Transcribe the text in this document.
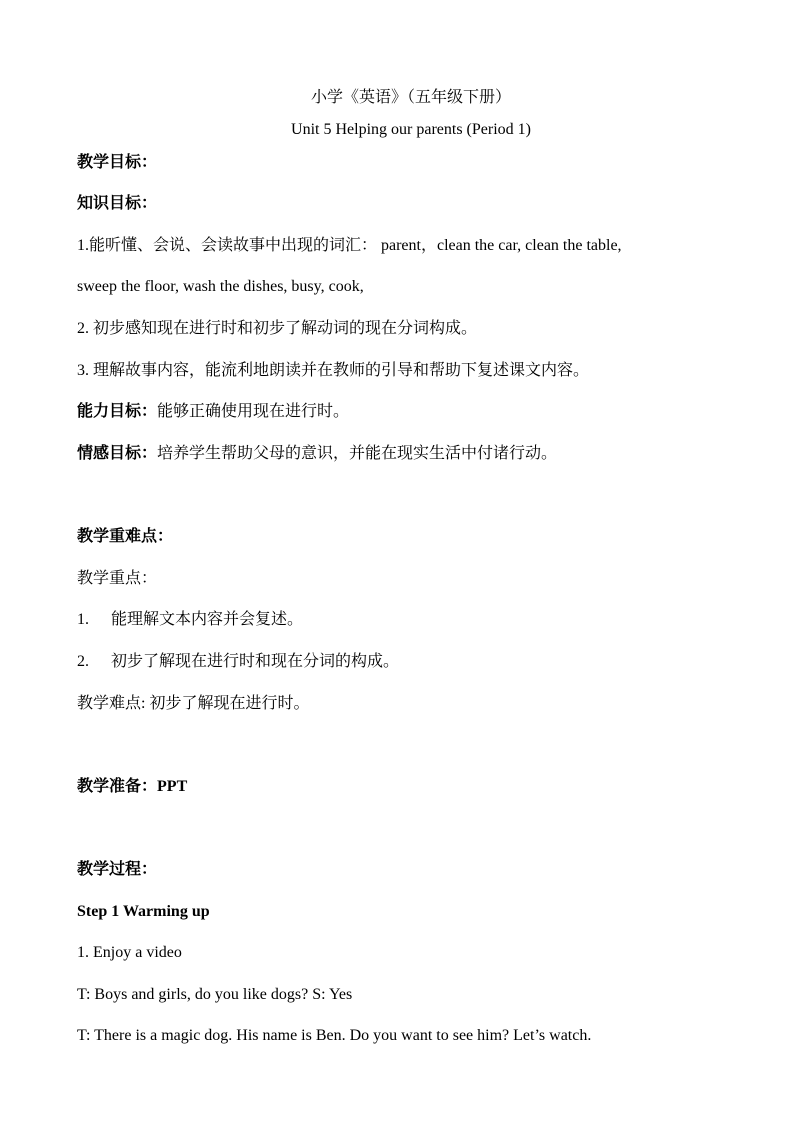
小学《英语》（五年级下册）
Unit 5 Helping our parents (Period 1)
教学目标：
知识目标：
1.能听懂、会说、会读故事中出现的词汇： parent，clean the car, clean the table,
sweep the floor, wash the dishes, busy, cook,
2. 初步感知现在进行时和初步了解动词的现在分词构成。
3. 理解故事内容，能流利地朗读并在教师的引导和帮助下复述课文内容。
能力目标：能够正确使用现在进行时。
情感目标：培养学生帮助父母的意识，并能在现实生活中付诸行动。
教学重难点：
教学重点：
1. 能理解文本内容并会复述。
2. 初步了解现在进行时和现在分词的构成。
教学难点: 初步了解现在进行时。
教学准备：PPT
教学过程：
Step 1 Warming up
1. Enjoy a video
T: Boys and girls, do you like dogs? S: Yes
T: There is a magic dog. His name is Ben. Do you want to see him? Let’s watch.
